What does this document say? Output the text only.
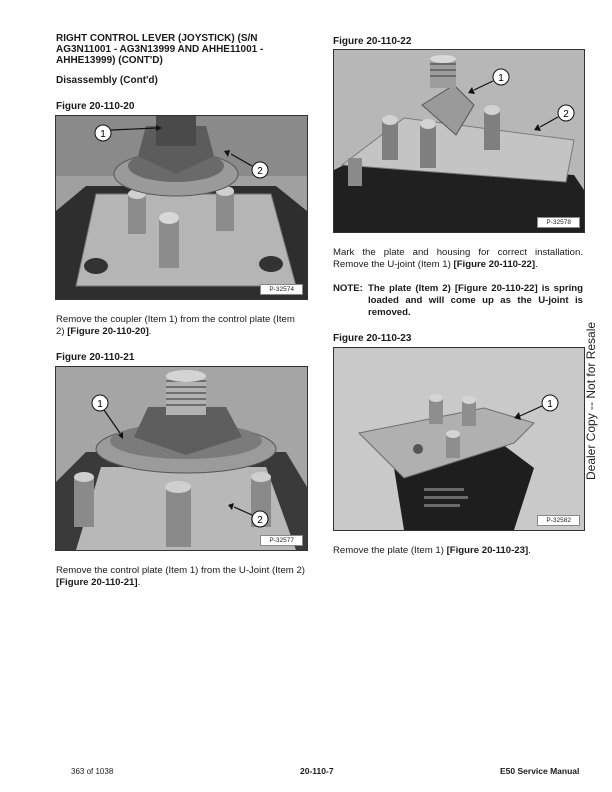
RIGHT CONTROL LEVER (JOYSTICK) (S/N
AG3N11001 - AG3N13999 AND AHHE11001 -
AHHE13999) (CONT'D)
Disassembly (Cont'd)
Figure 20-110-20
1
2
P-32574
Remove the coupler (Item 1) from the control plate (Item 2) [Figure 20-110-20].
Figure 20-110-21
1
2
P-32577
Remove the control plate (Item 1) from the U-Joint (Item 2) [Figure 20-110-21].
Figure 20-110-22
1
2
P-32578
Mark the plate and housing for correct installation. Remove the U-joint (Item 1) [Figure 20-110-22].
NOTE: The plate (Item 2) [Figure 20-110-22] is spring loaded and will come up as the U-joint is removed.
Figure 20-110-23
1
P-32582
Remove the plate (Item 1) [Figure 20-110-23].
Dealer Copy -- Not for Resale
363 of 1038	20-110-7	E50 Service Manual
